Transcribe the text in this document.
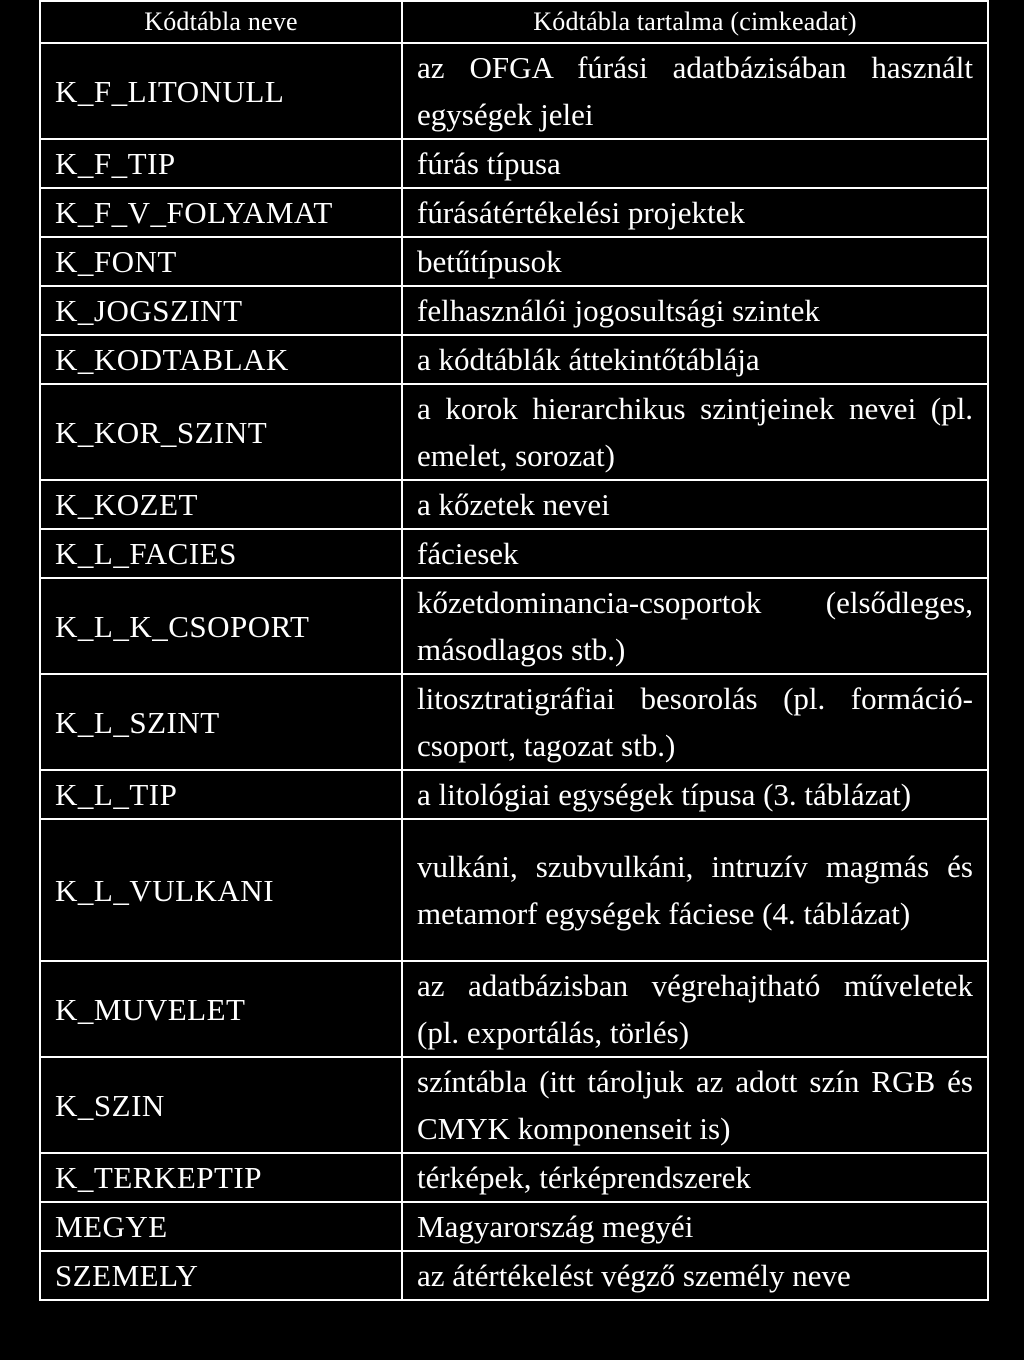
Kódtábla neve	Kódtábla tartalma (cimkeadat)
K_F_LITONULL	az OFGA fúrási adatbázisában használt egységek jelei
K_F_TIP	fúrás típusa
K_F_V_FOLYAMAT	fúrásátértékelési projektek
K_FONT	betűtípusok
K_JOGSZINT	felhasználói jogosultsági szintek
K_KODTABLAK	a kódtáblák áttekintőtáblája
K_KOR_SZINT	a korok hierarchikus szintjeinek nevei (pl. emelet, sorozat)
K_KOZET	a kőzetek nevei
K_L_FACIES	fáciesek
K_L_K_CSOPORT	kőzetdominancia-csoportok (elsődleges, másodlagos stb.)
K_L_SZINT	litosztratigráfiai besorolás (pl. formációcsoport, tagozat stb.)
K_L_TIP	a litológiai egységek típusa (3. táblázat)
K_L_VULKANI	vulkáni, szubvulkáni, intruzív magmás és metamorf egységek fáciese (4. táblázat)
K_MUVELET	az adatbázisban végrehajtható műveletek (pl. exportálás, törlés)
K_SZIN	színtábla (itt tároljuk az adott szín RGB és CMYK komponenseit is)
K_TERKEPTIP	térképek, térképrendszerek
MEGYE	Magyarország megyéi
SZEMELY	az átértékelést végző személy neve
